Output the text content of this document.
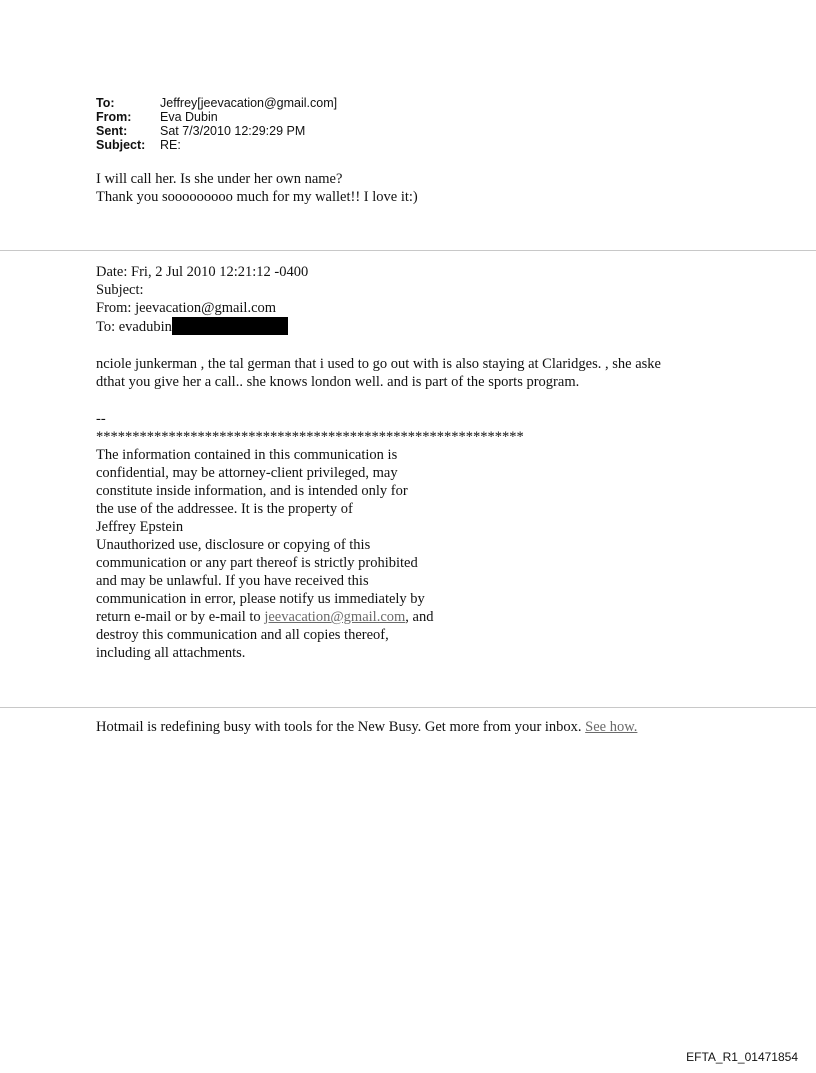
To:	Jeffrey[jeevacation@gmail.com]
From:	Eva Dubin
Sent:	Sat 7/3/2010 12:29:29 PM
Subject:	RE:
I will call her. Is she under her own name?
Thank you sooooooooo much for my wallet!! I love it:)
Date: Fri, 2 Jul 2010 12:21:12 -0400
Subject:
From: jeevacation@gmail.com
To: evadubin
nciole junkerman , the tal german that i used to go out with is also staying at Claridges. , she aske
dthat you give her a call.. she knows london well. and is part of the sports program.
--
***********************************************************
The information contained in this communication is
confidential, may be attorney-client privileged, may
constitute inside information, and is intended only for
the use of the addressee. It is the property of
Jeffrey Epstein
Unauthorized use, disclosure or copying of this
communication or any part thereof is strictly prohibited
and may be unlawful. If you have received this
communication in error, please notify us immediately by
return e-mail or by e-mail to jeevacation@gmail.com, and
destroy this communication and all copies thereof,
including all attachments.
Hotmail is redefining busy with tools for the New Busy. Get more from your inbox. See how.
EFTA_R1_01471854
